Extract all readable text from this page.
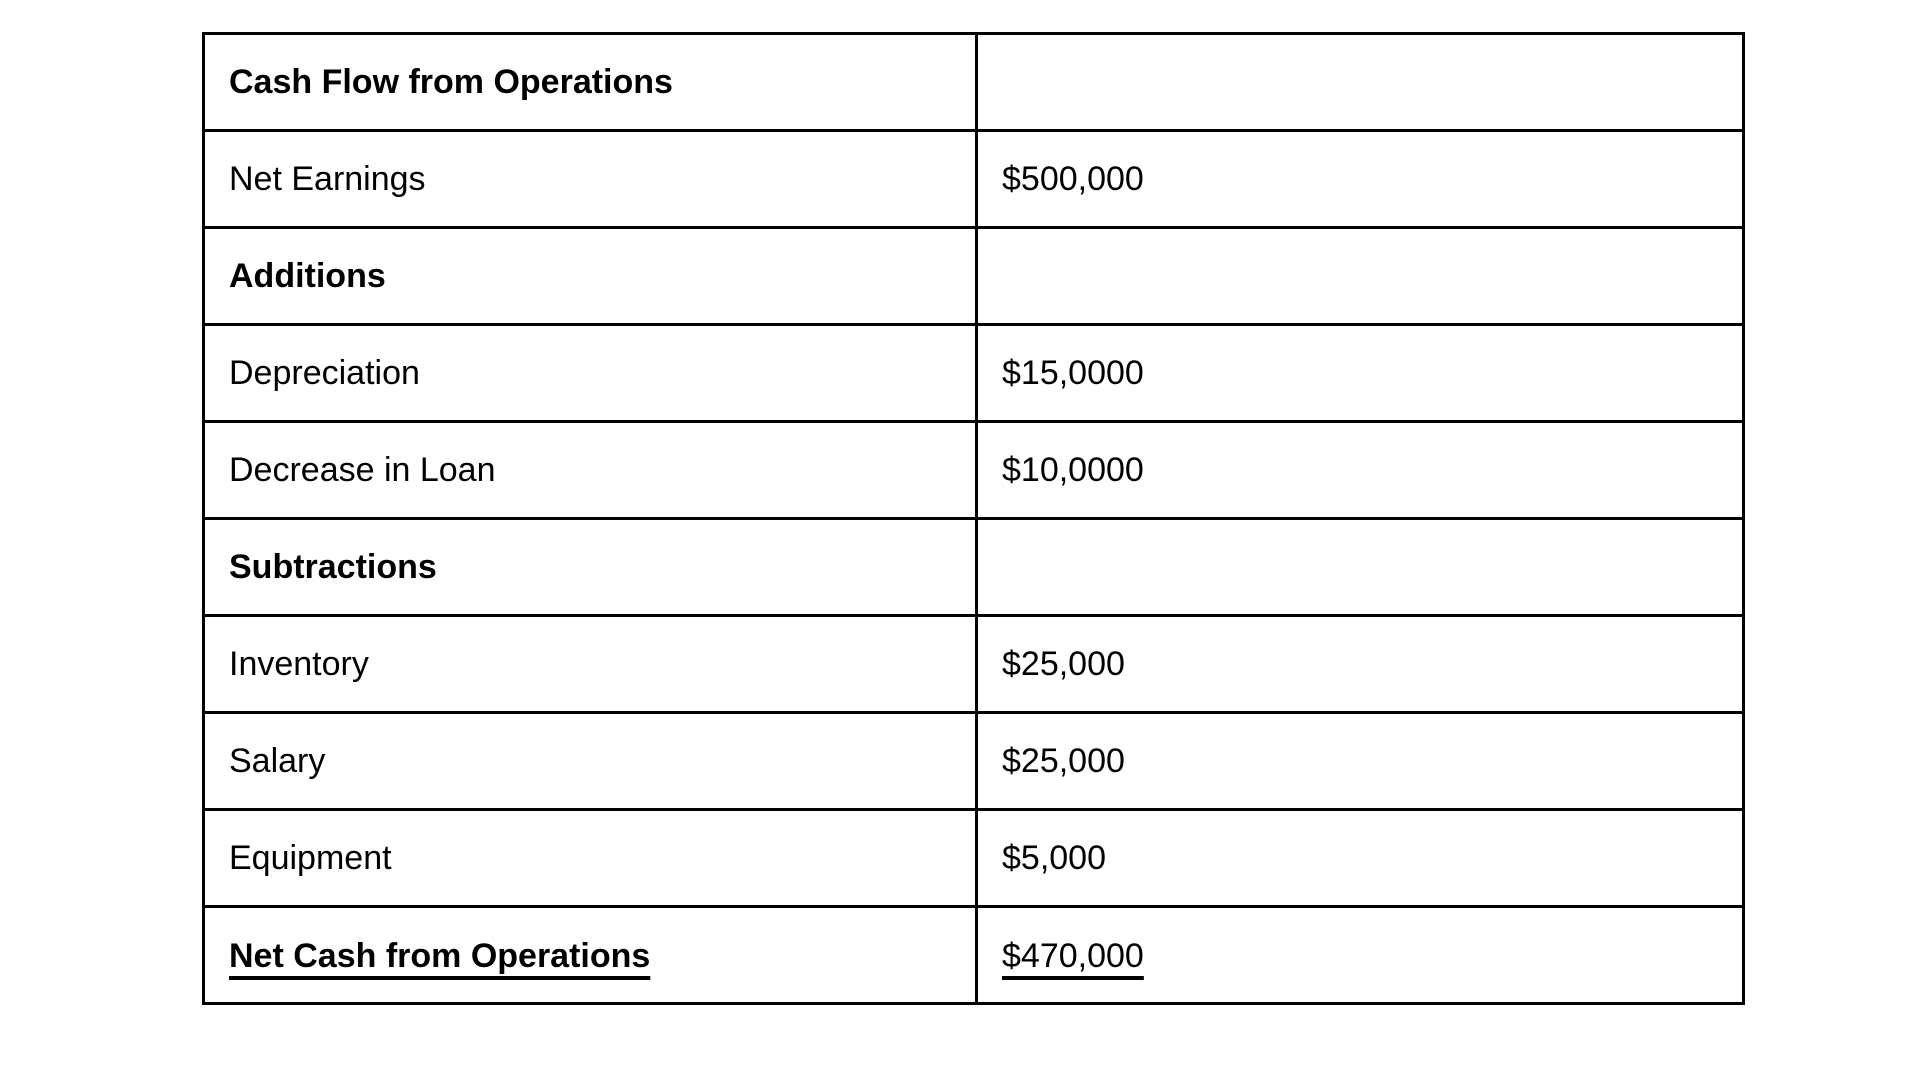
Cash Flow from Operations	
Net Earnings	$500,000
Additions	
Depreciation	$15,0000
Decrease in Loan	$10,0000
Subtractions	
Inventory	$25,000
Salary	$25,000
Equipment	$5,000
Net Cash from Operations	$470,000
